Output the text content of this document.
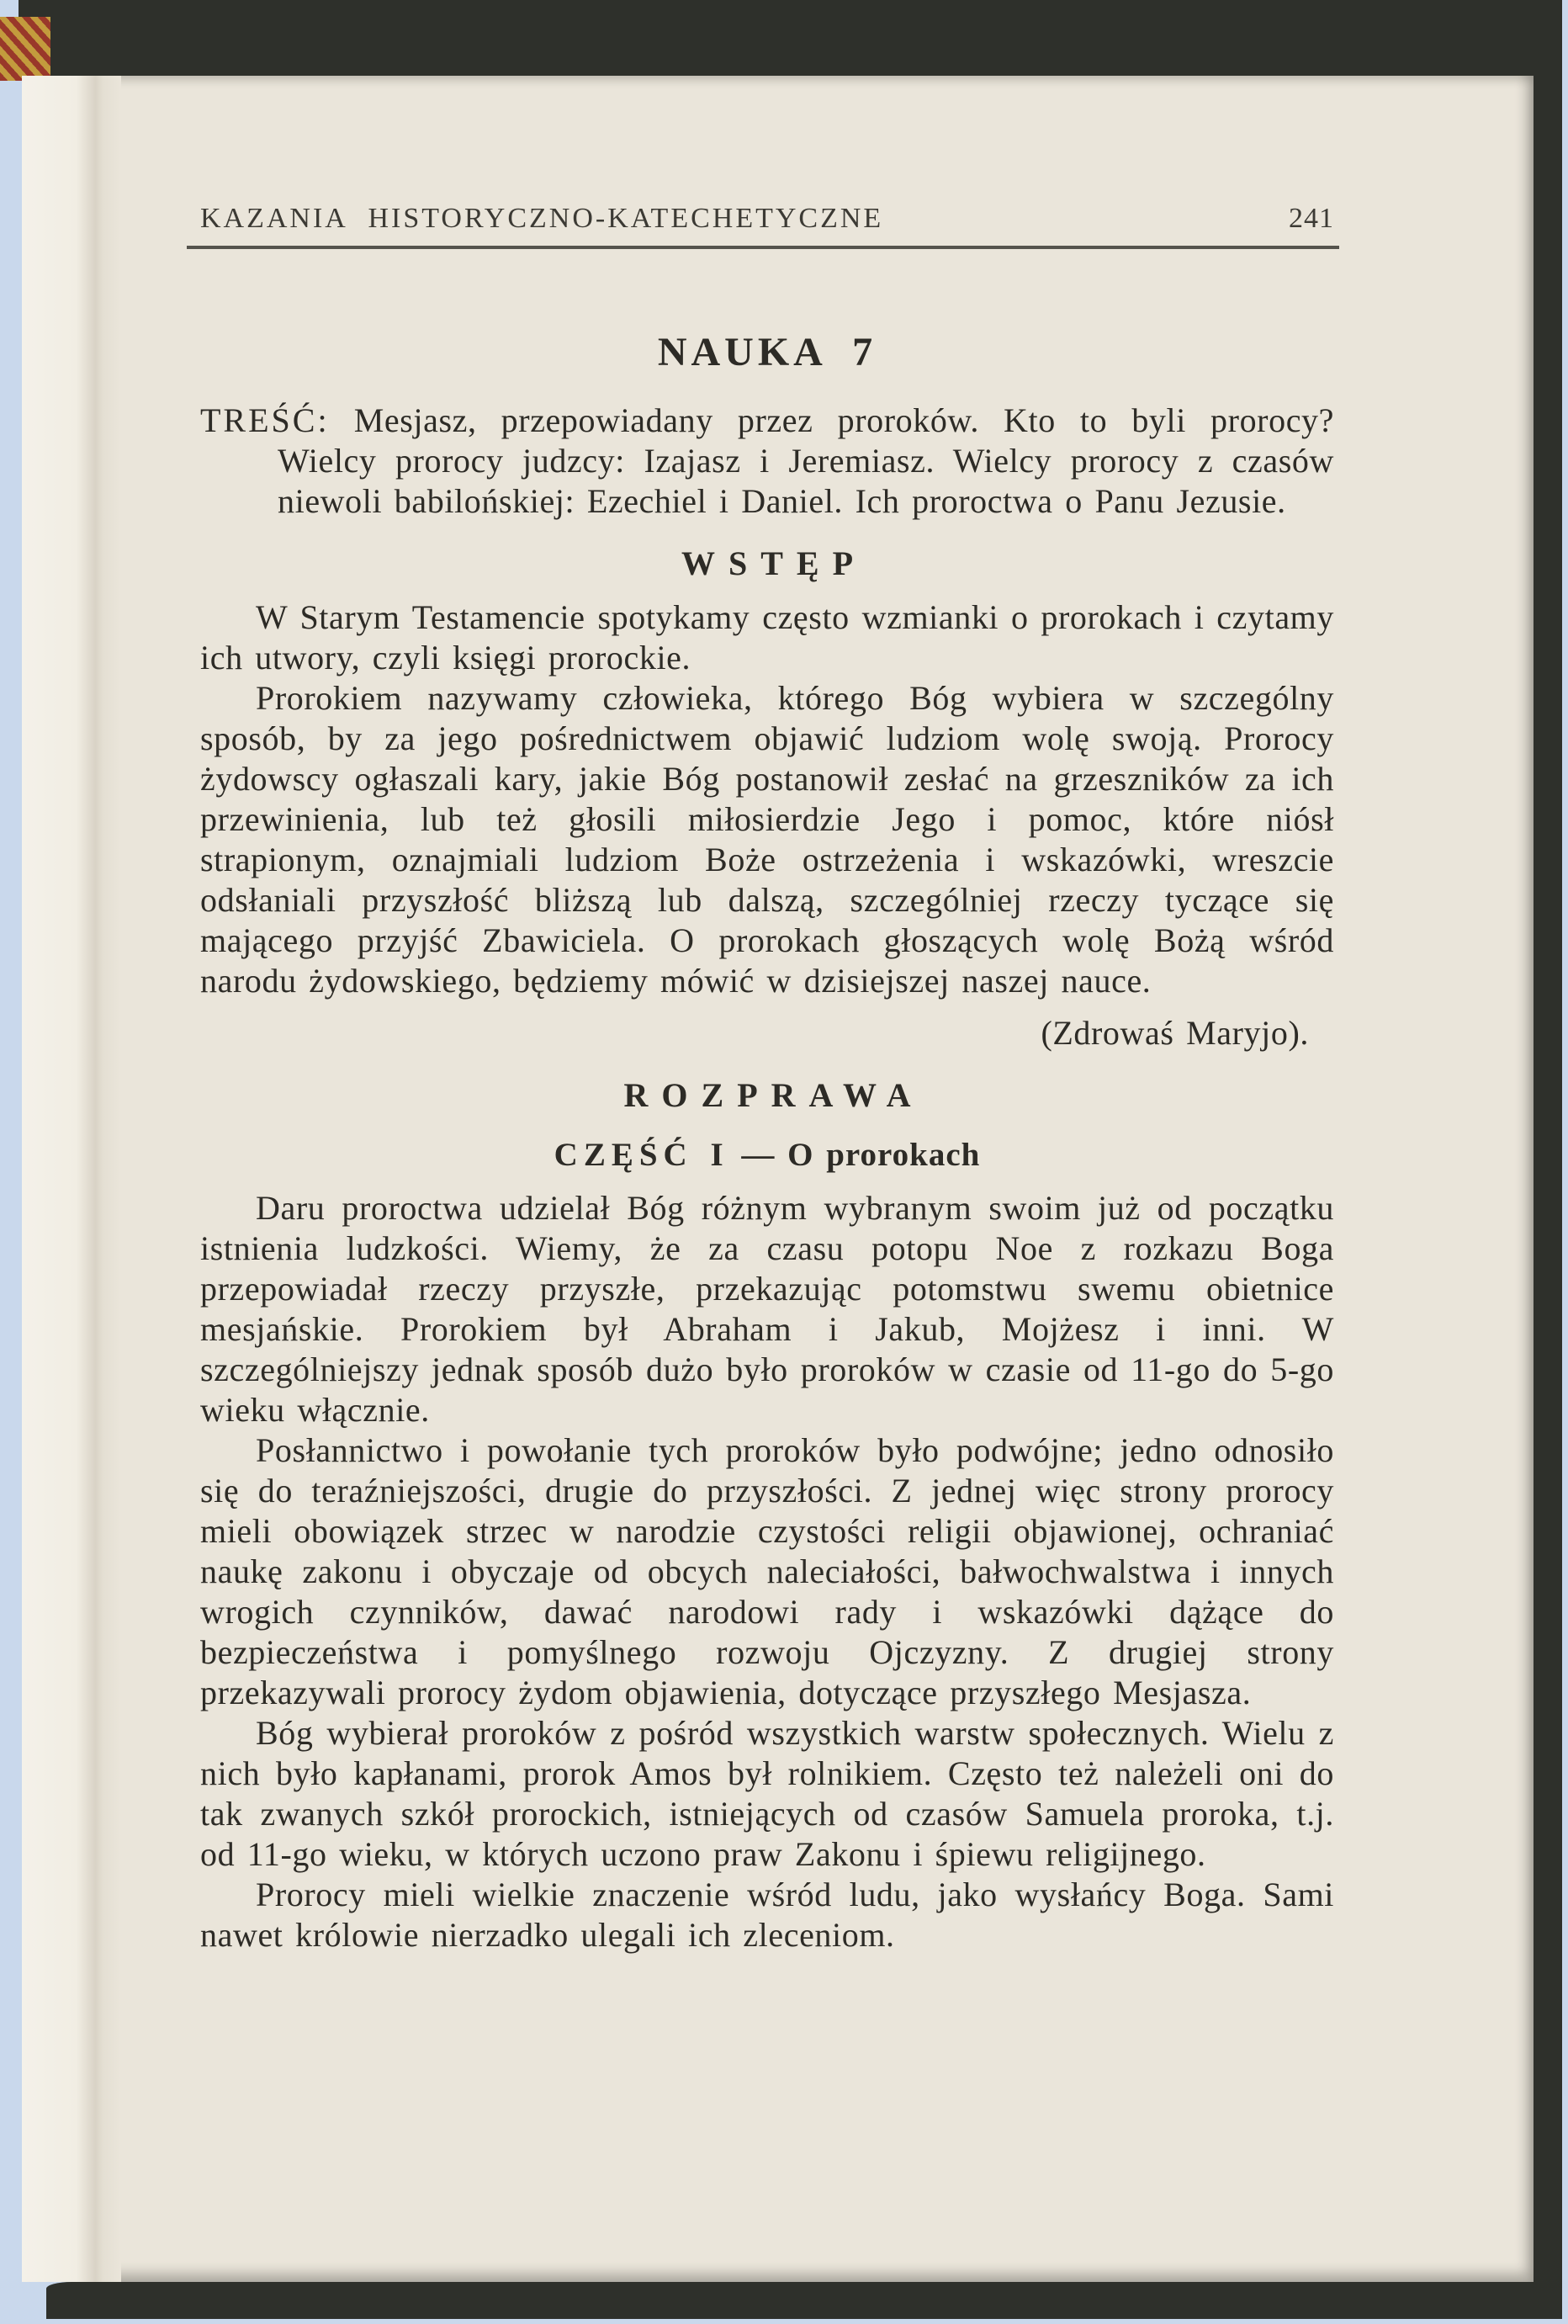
KAZANIA HISTORYCZNO-KATECHETYCZNE	241
NAUKA 7

TREŚĆ: Mesjasz, przepowiadany przez proroków. Kto to byli prorocy? Wielcy prorocy judzcy: Izajasz i Jeremiasz. Wielcy prorocy z czasów niewoli babilońskiej: Ezechiel i Daniel. Ich proroctwa o Panu Jezusie.

WSTĘP

W Starym Testamencie spotykamy często wzmianki o prorokach i czytamy ich utwory, czyli księgi prorockie.

Prorokiem nazywamy człowieka, którego Bóg wybiera w szczególny sposób, by za jego pośrednictwem objawić ludziom wolę swoją. Prorocy żydowscy ogłaszali kary, jakie Bóg postanowił zesłać na grzeszników za ich przewinienia, lub też głosili miłosierdzie Jego i pomoc, które niósł strapionym, oznajmiali ludziom Boże ostrzeżenia i wskazówki, wreszcie odsłaniali przyszłość bliższą lub dalszą, szczególniej rzeczy tyczące się mającego przyjść Zbawiciela. O prorokach głoszących wolę Bożą wśród narodu żydowskiego, będziemy mówić w dzisiejszej naszej nauce.

(Zdrowaś Maryjo).

ROZPRAWA
CZĘŚĆ I — O prorokach

Daru proroctwa udzielał Bóg różnym wybranym swoim już od początku istnienia ludzkości. Wiemy, że za czasu potopu Noe z rozkazu Boga przepowiadał rzeczy przyszłe, przekazując potomstwu swemu obietnice mesjańskie. Prorokiem był Abraham i Jakub, Mojżesz i inni. W szczególniejszy jednak sposób dużo było proroków w czasie od 11-go do 5-go wieku włącznie.

Posłannictwo i powołanie tych proroków było podwójne; jedno odnosiło się do teraźniejszości, drugie do przyszłości. Z jednej więc strony prorocy mieli obowiązek strzec w narodzie czystości religii objawionej, ochraniać naukę zakonu i obyczaje od obcych naleciałości, bałwochwalstwa i innych wrogich czynników, dawać narodowi rady i wskazówki dążące do bezpieczeństwa i pomyślnego rozwoju Ojczyzny. Z drugiej strony przekazywali prorocy żydom objawienia, dotyczące przyszłego Mesjasza.

Bóg wybierał proroków z pośród wszystkich warstw społecznych. Wielu z nich było kapłanami, prorok Amos był rolnikiem. Często też należeli oni do tak zwanych szkół prorockich, istniejących od czasów Samuela proroka, t.j. od 11-go wieku, w których uczono praw Zakonu i śpiewu religijnego.

Prorocy mieli wielkie znaczenie wśród ludu, jako wysłańcy Boga. Sami nawet królowie nierzadko ulegali ich zleceniom.
